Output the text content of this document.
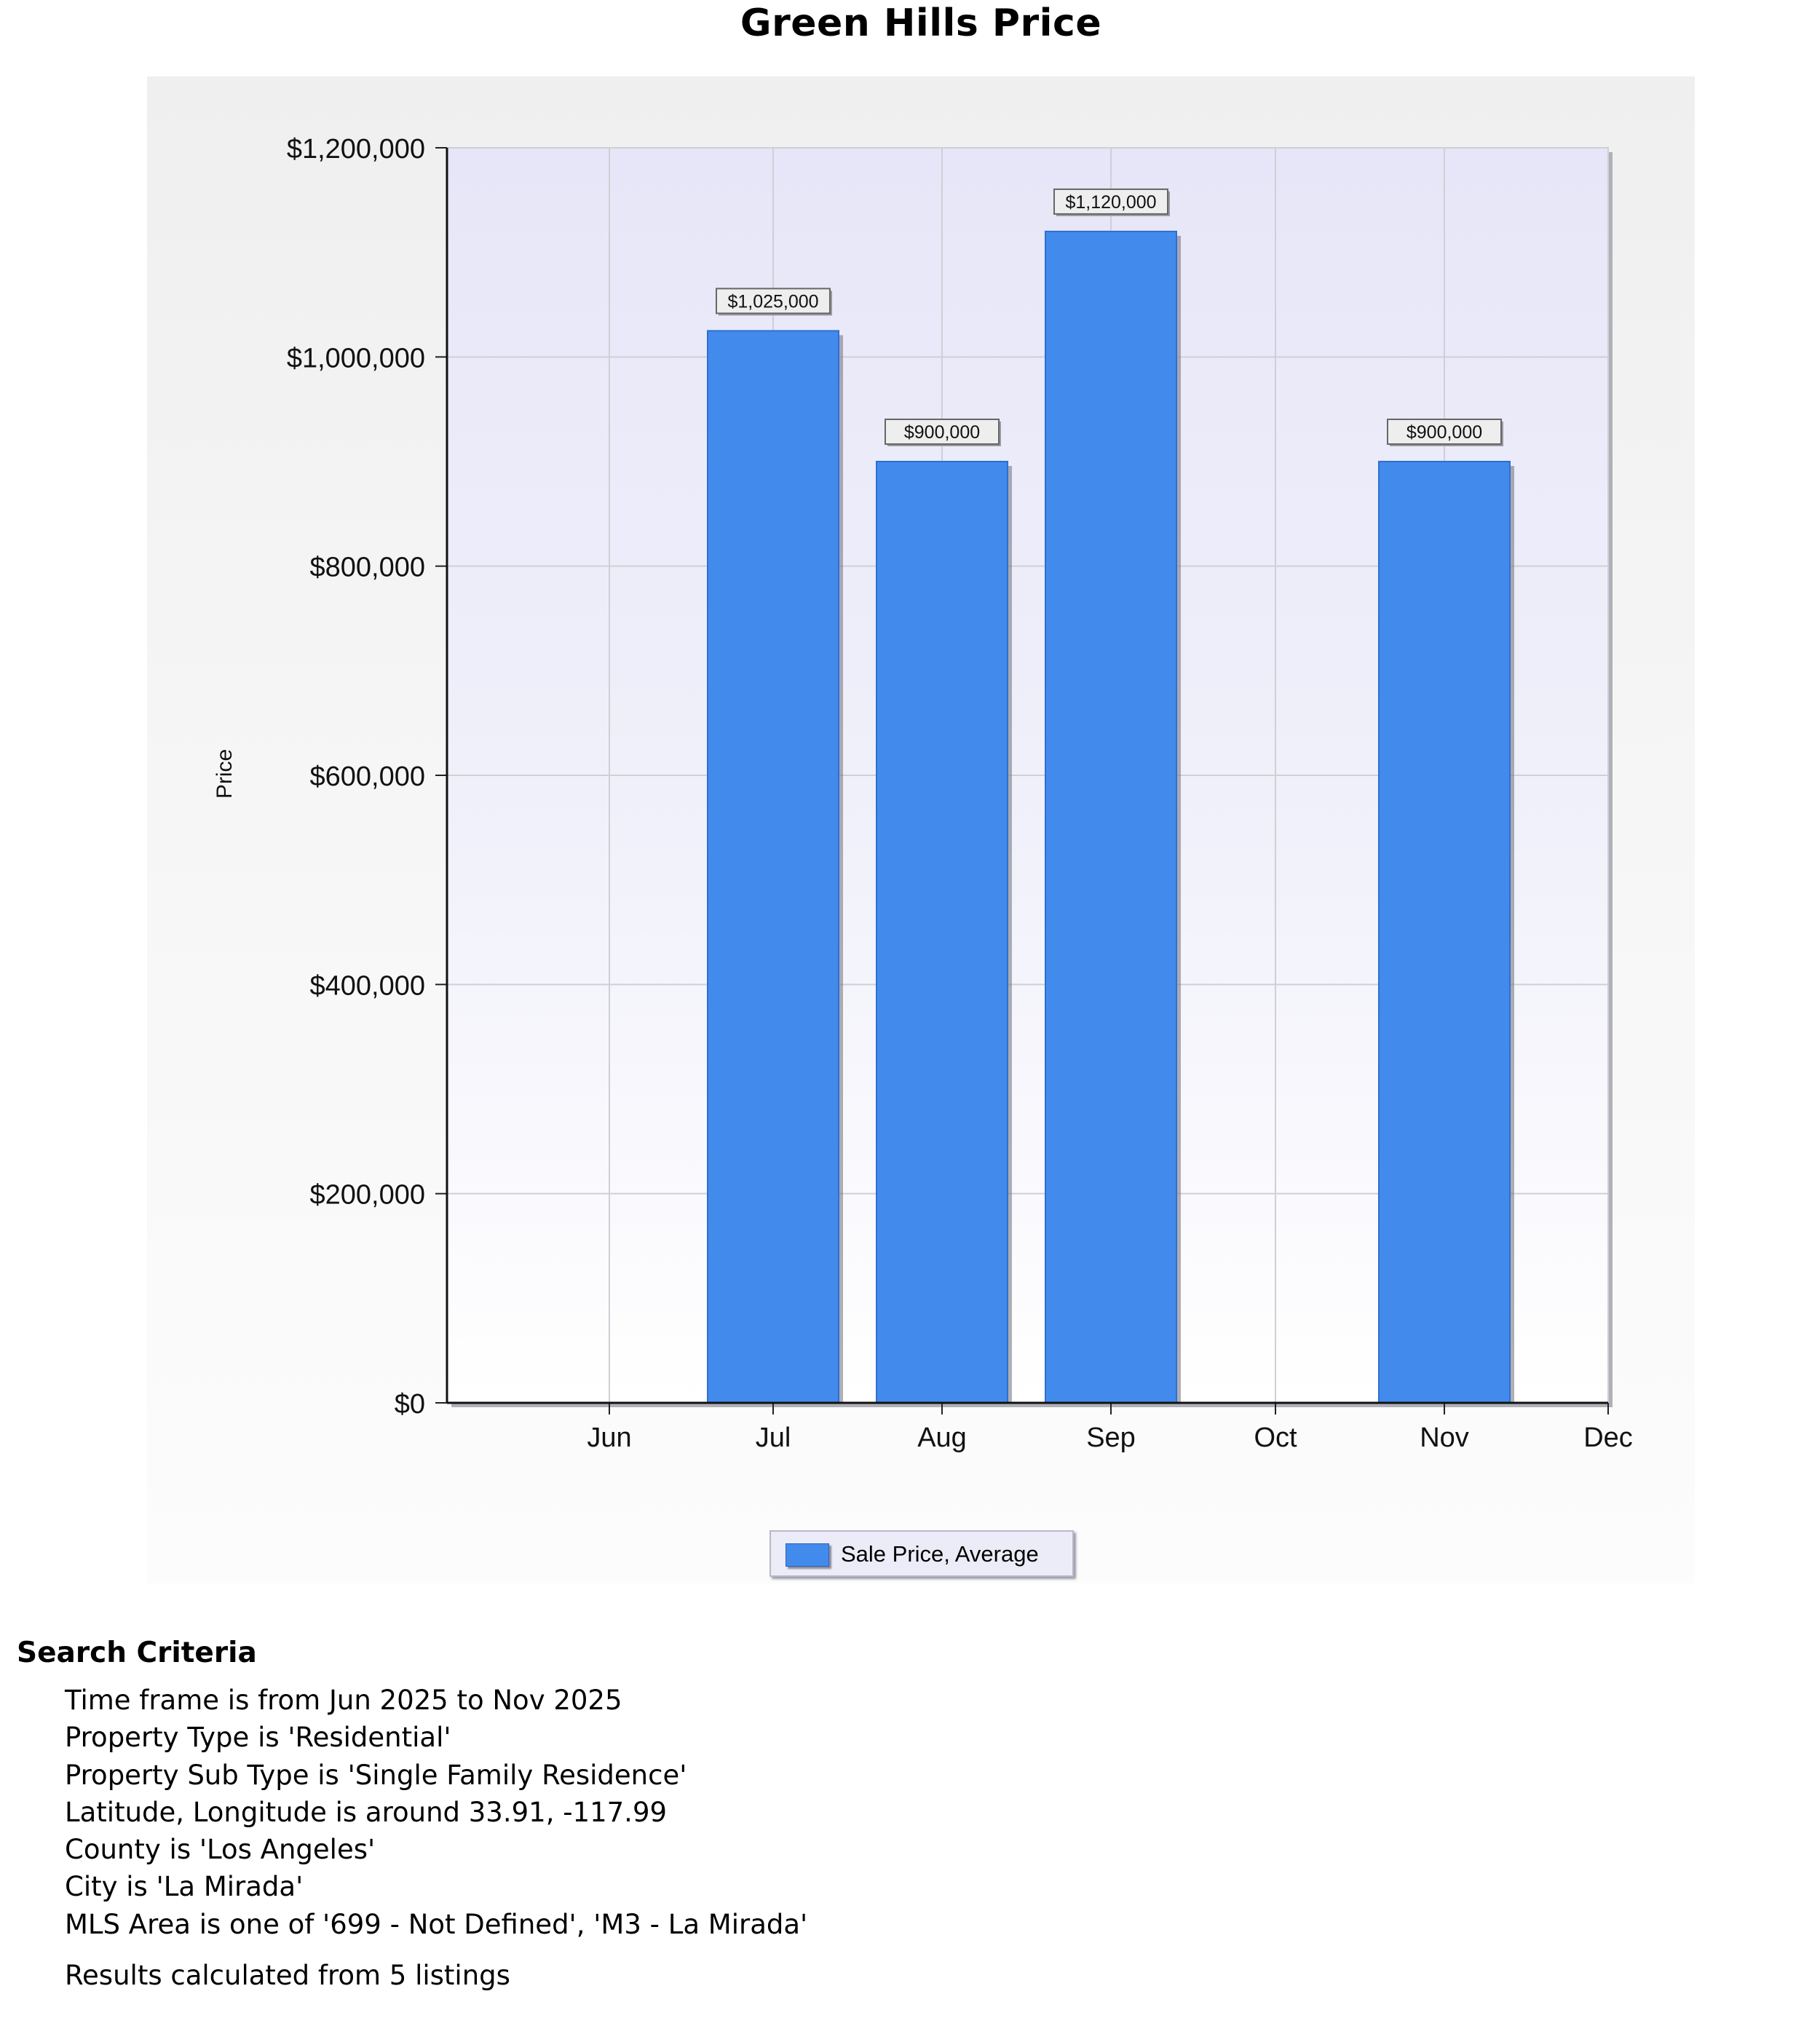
Green Hills Price
$0
$200,000
$400,000
$600,000
$800,000
$1,000,000
$1,200,000
Jun	Jul	Aug	Sep	Oct	Nov	Dec
$1,025,000
$900,000
$1,120,000
$900,000
Price
Sale Price, Average
Search Criteria
Time frame is from Jun 2025 to Nov 2025
Property Type is 'Residential'
Property Sub Type is 'Single Family Residence'
Latitude, Longitude is around 33.91, -117.99
County is 'Los Angeles'
City is 'La Mirada'
MLS Area is one of '699 - Not Defined', 'M3 - La Mirada'
Results calculated from 5 listings
